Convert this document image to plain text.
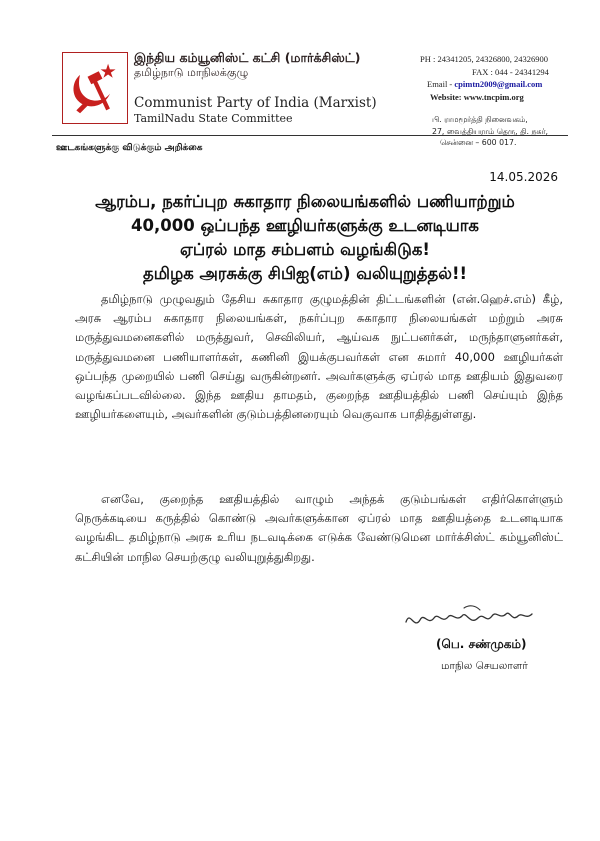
இந்திய கம்யூனிஸ்ட் கட்சி (மார்க்சிஸ்ட்)
தமிழ்நாடு மாநிலக்குழு
Communist Party of India (Marxist)
TamilNadu State Committee
PH : 24341205, 24326800, 24326900
FAX : 044 - 24341294
Email - cpimtn2009@gmail.com
Website: www.tncpim.org
பி. ராமமூர்த்தி நினைவகம்,
27, வைத்தியராம் தெரு, தி. நகர்,
சென்னை – 600 017.
ஊடகங்களுக்கு விடுக்கும் அறிக்கை
14.05.2026
ஆரம்ப, நகர்ப்புற சுகாதார நிலையங்களில் பணியாற்றும்
40,000 ஒப்பந்த ஊழியர்களுக்கு உடனடியாக
ஏப்ரல் மாத சம்பளம் வழங்கிடுக!
தமிழக அரசுக்கு சிபிஐ(எம்) வலியுறுத்தல்!!
தமிழ்நாடு முழுவதும் தேசிய சுகாதார குழுமத்தின் திட்டங்களின் (என்.ஹெச்.எம்) கீழ், அரசு ஆரம்ப சுகாதார நிலையங்கள், நகர்ப்புற சுகாதார நிலையங்கள் மற்றும் அரசு மருத்துவமனைகளில் மருத்துவர், செவிலியர், ஆய்வக நுட்பனர்கள், மருந்தாளுனர்கள், மருத்துவமனை பணியாளர்கள், கணினி இயக்குபவர்கள் என சுமார் 40,000 ஊழியர்கள் ஒப்பந்த முறையில் பணி செய்து வருகின்றனர். அவர்களுக்கு ஏப்ரல் மாத ஊதியம் இதுவரை வழங்கப்படவில்லை. இந்த ஊதிய தாமதம், குறைந்த ஊதியத்தில் பணி செய்யும் இந்த ஊழியர்களையும், அவர்களின் குடும்பத்தினரையும் வெகுவாக பாதித்துள்ளது.
எனவே, குறைந்த ஊதியத்தில் வாழும் அந்தக் குடும்பங்கள் எதிர்கொள்ளும் நெருக்கடியை கருத்தில் கொண்டு அவர்களுக்கான ஏப்ரல் மாத ஊதியத்தை உடனடியாக வழங்கிட தமிழ்நாடு அரசு உரிய நடவடிக்கை எடுக்க வேண்டுமென மார்க்சிஸ்ட் கம்யூனிஸ்ட் கட்சியின் மாநில செயற்குழு வலியுறுத்துகிறது.
(பெ. சண்முகம்)
மாநில செயலாளர்
